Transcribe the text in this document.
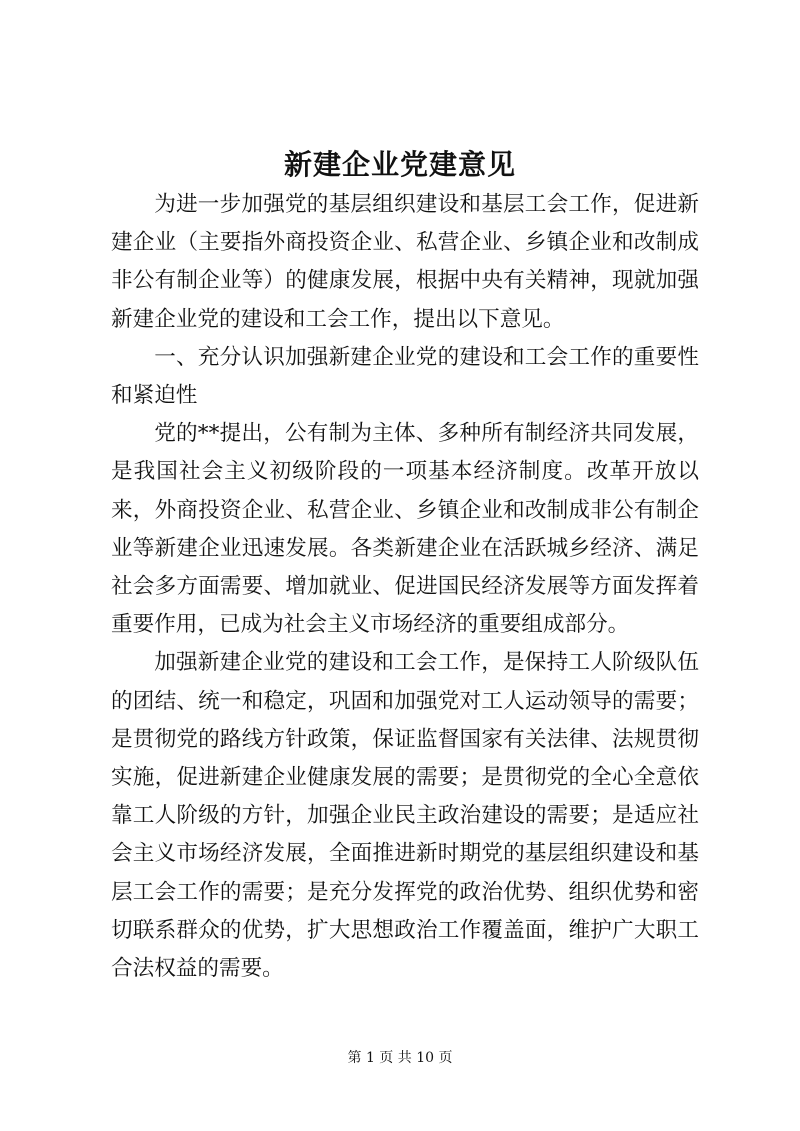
新建企业党建意见

为进一步加强党的基层组织建设和基层工会工作，促进新建企业（主要指外商投资企业、私营企业、乡镇企业和改制成非公有制企业等）的健康发展，根据中央有关精神，现就加强新建企业党的建设和工会工作，提出以下意见。

一、充分认识加强新建企业党的建设和工会工作的重要性和紧迫性

党的**提出，公有制为主体、多种所有制经济共同发展，是我国社会主义初级阶段的一项基本经济制度。改革开放以来，外商投资企业、私营企业、乡镇企业和改制成非公有制企业等新建企业迅速发展。各类新建企业在活跃城乡经济、满足社会多方面需要、增加就业、促进国民经济发展等方面发挥着重要作用，已成为社会主义市场经济的重要组成部分。

加强新建企业党的建设和工会工作，是保持工人阶级队伍的团结、统一和稳定，巩固和加强党对工人运动领导的需要；是贯彻党的路线方针政策，保证监督国家有关法律、法规贯彻实施，促进新建企业健康发展的需要；是贯彻党的全心全意依靠工人阶级的方针，加强企业民主政治建设的需要；是适应社会主义市场经济发展，全面推进新时期党的基层组织建设和基层工会工作的需要；是充分发挥党的政治优势、组织优势和密切联系群众的优势，扩大思想政治工作覆盖面，维护广大职工合法权益的需要。

第 1 页 共 10 页
